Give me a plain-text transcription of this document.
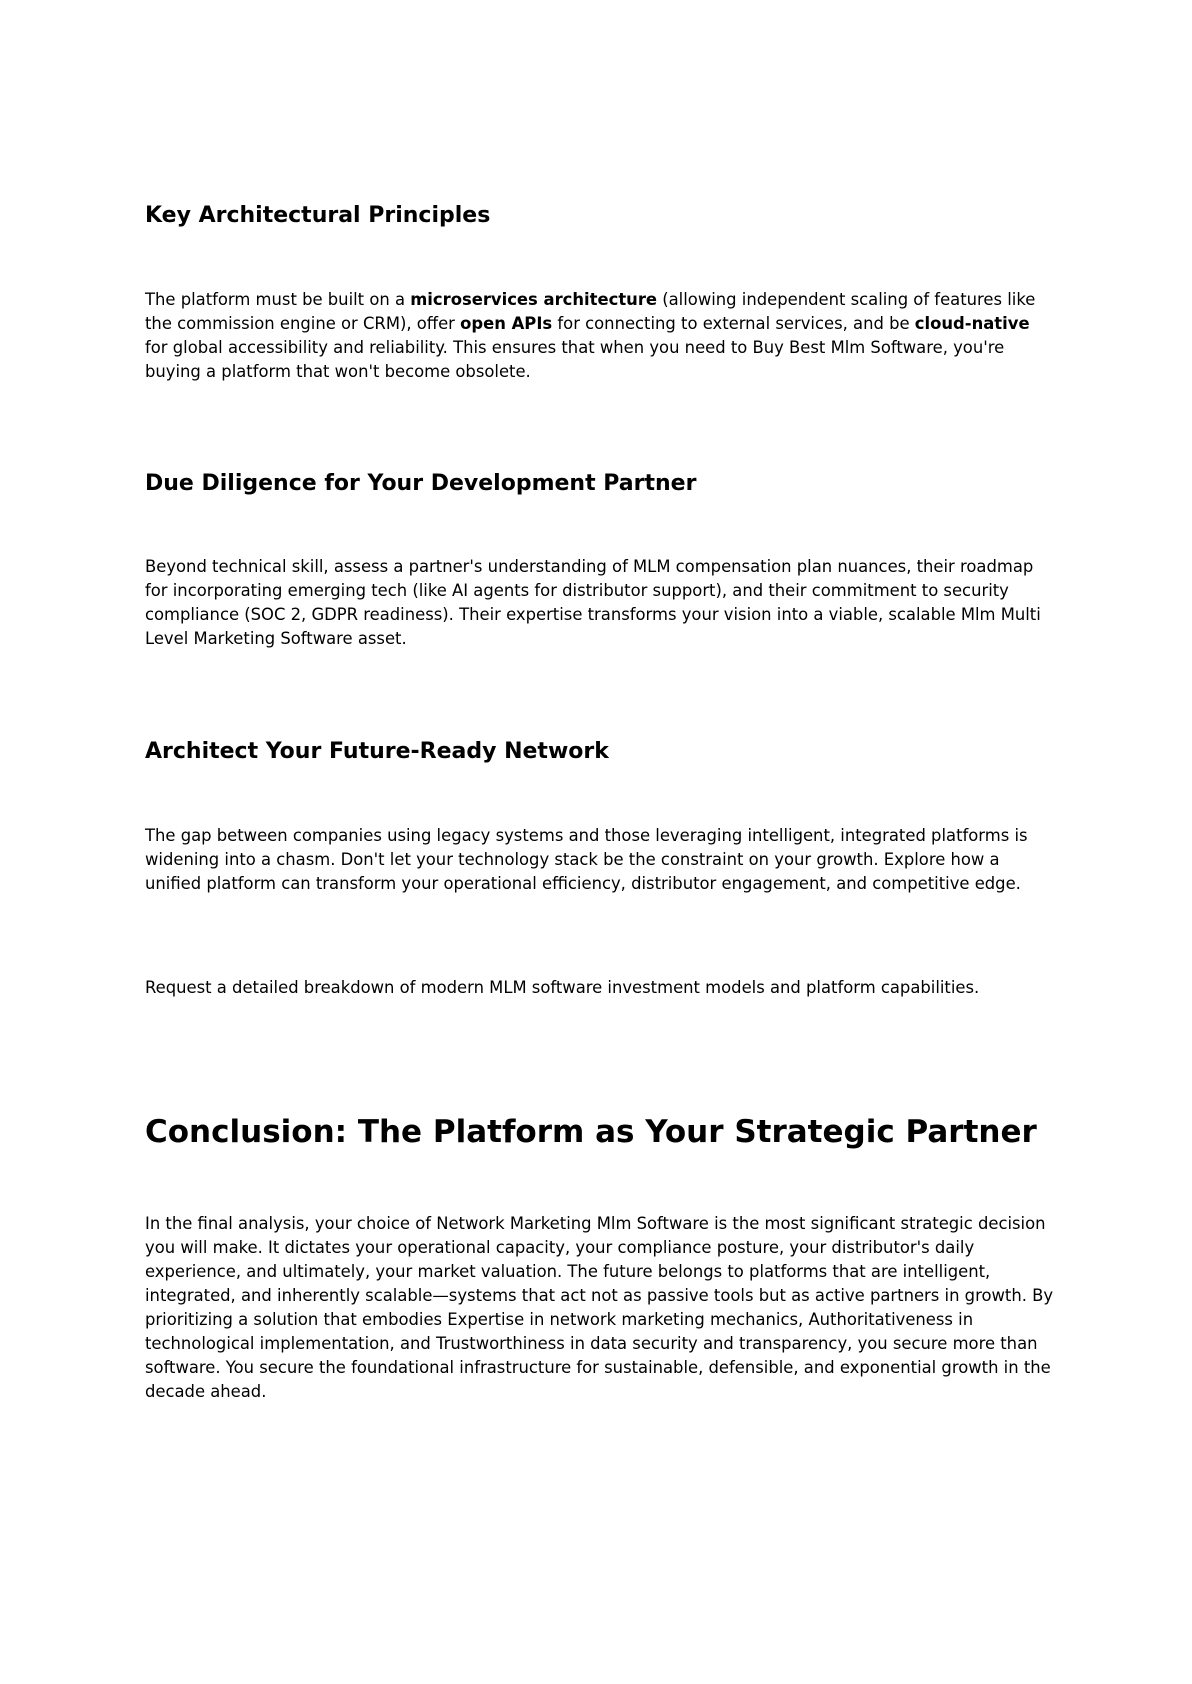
Key Architectural Principles

The platform must be built on a microservices architecture (allowing independent scaling of features like the commission engine or CRM), offer open APIs for connecting to external services, and be cloud-native for global accessibility and reliability. This ensures that when you need to Buy Best Mlm Software, you're buying a platform that won't become obsolete.

Due Diligence for Your Development Partner

Beyond technical skill, assess a partner's understanding of MLM compensation plan nuances, their roadmap for incorporating emerging tech (like AI agents for distributor support), and their commitment to security compliance (SOC 2, GDPR readiness). Their expertise transforms your vision into a viable, scalable Mlm Multi Level Marketing Software asset.

Architect Your Future-Ready Network

The gap between companies using legacy systems and those leveraging intelligent, integrated platforms is widening into a chasm. Don't let your technology stack be the constraint on your growth. Explore how a unified platform can transform your operational efficiency, distributor engagement, and competitive edge.

Request a detailed breakdown of modern MLM software investment models and platform capabilities.

Conclusion: The Platform as Your Strategic Partner

In the final analysis, your choice of Network Marketing Mlm Software is the most significant strategic decision you will make. It dictates your operational capacity, your compliance posture, your distributor's daily experience, and ultimately, your market valuation. The future belongs to platforms that are intelligent, integrated, and inherently scalable—systems that act not as passive tools but as active partners in growth. By prioritizing a solution that embodies Expertise in network marketing mechanics, Authoritativeness in technological implementation, and Trustworthiness in data security and transparency, you secure more than software. You secure the foundational infrastructure for sustainable, defensible, and exponential growth in the decade ahead.
